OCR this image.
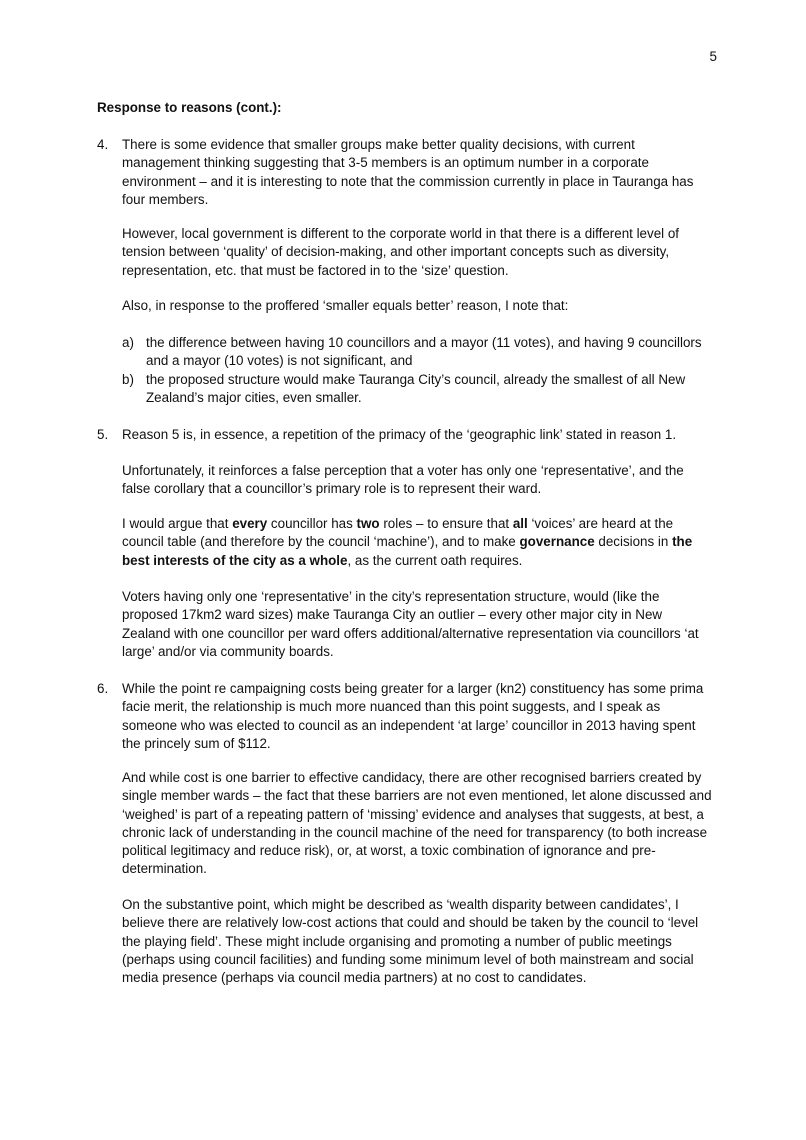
5
Response to reasons (cont.):
4. There is some evidence that smaller groups make better quality decisions, with current management thinking suggesting that 3-5 members is an optimum number in a corporate environment – and it is interesting to note that the commission currently in place in Tauranga has four members.

However, local government is different to the corporate world in that there is a different level of tension between ‘quality’ of decision-making, and other important concepts such as diversity, representation, etc. that must be factored in to the ‘size’ question.

Also, in response to the proffered ‘smaller equals better’ reason, I note that:

a) the difference between having 10 councillors and a mayor (11 votes), and having 9 councillors and a mayor (10 votes) is not significant, and
b) the proposed structure would make Tauranga City’s council, already the smallest of all New Zealand’s major cities, even smaller.
5. Reason 5 is, in essence, a repetition of the primacy of the ‘geographic link’ stated in reason 1.

Unfortunately, it reinforces a false perception that a voter has only one ‘representative’, and the false corollary that a councillor’s primary role is to represent their ward.

I would argue that every councillor has two roles – to ensure that all ‘voices’ are heard at the council table (and therefore by the council ‘machine’), and to make governance decisions in the best interests of the city as a whole, as the current oath requires.

Voters having only one ‘representative’ in the city’s representation structure, would (like the proposed 17km2 ward sizes) make Tauranga City an outlier – every other major city in New Zealand with one councillor per ward offers additional/alternative representation via councillors ‘at large’ and/or via community boards.

6. While the point re campaigning costs being greater for a larger (kn2) constituency has some prima facie merit, the relationship is much more nuanced than this point suggests, and I speak as someone who was elected to council as an independent ‘at large’ councillor in 2013 having spent the princely sum of $112.

And while cost is one barrier to effective candidacy, there are other recognised barriers created by single member wards – the fact that these barriers are not even mentioned, let alone discussed and ‘weighed’ is part of a repeating pattern of ‘missing’ evidence and analyses that suggests, at best, a chronic lack of understanding in the council machine of the need for transparency (to both increase political legitimacy and reduce risk), or, at worst, a toxic combination of ignorance and pre-determination.

On the substantive point, which might be described as ‘wealth disparity between candidates’, I believe there are relatively low-cost actions that could and should be taken by the council to ‘level the playing field’. These might include organising and promoting a number of public meetings (perhaps using council facilities) and funding some minimum level of both mainstream and social media presence (perhaps via council media partners) at no cost to candidates.
